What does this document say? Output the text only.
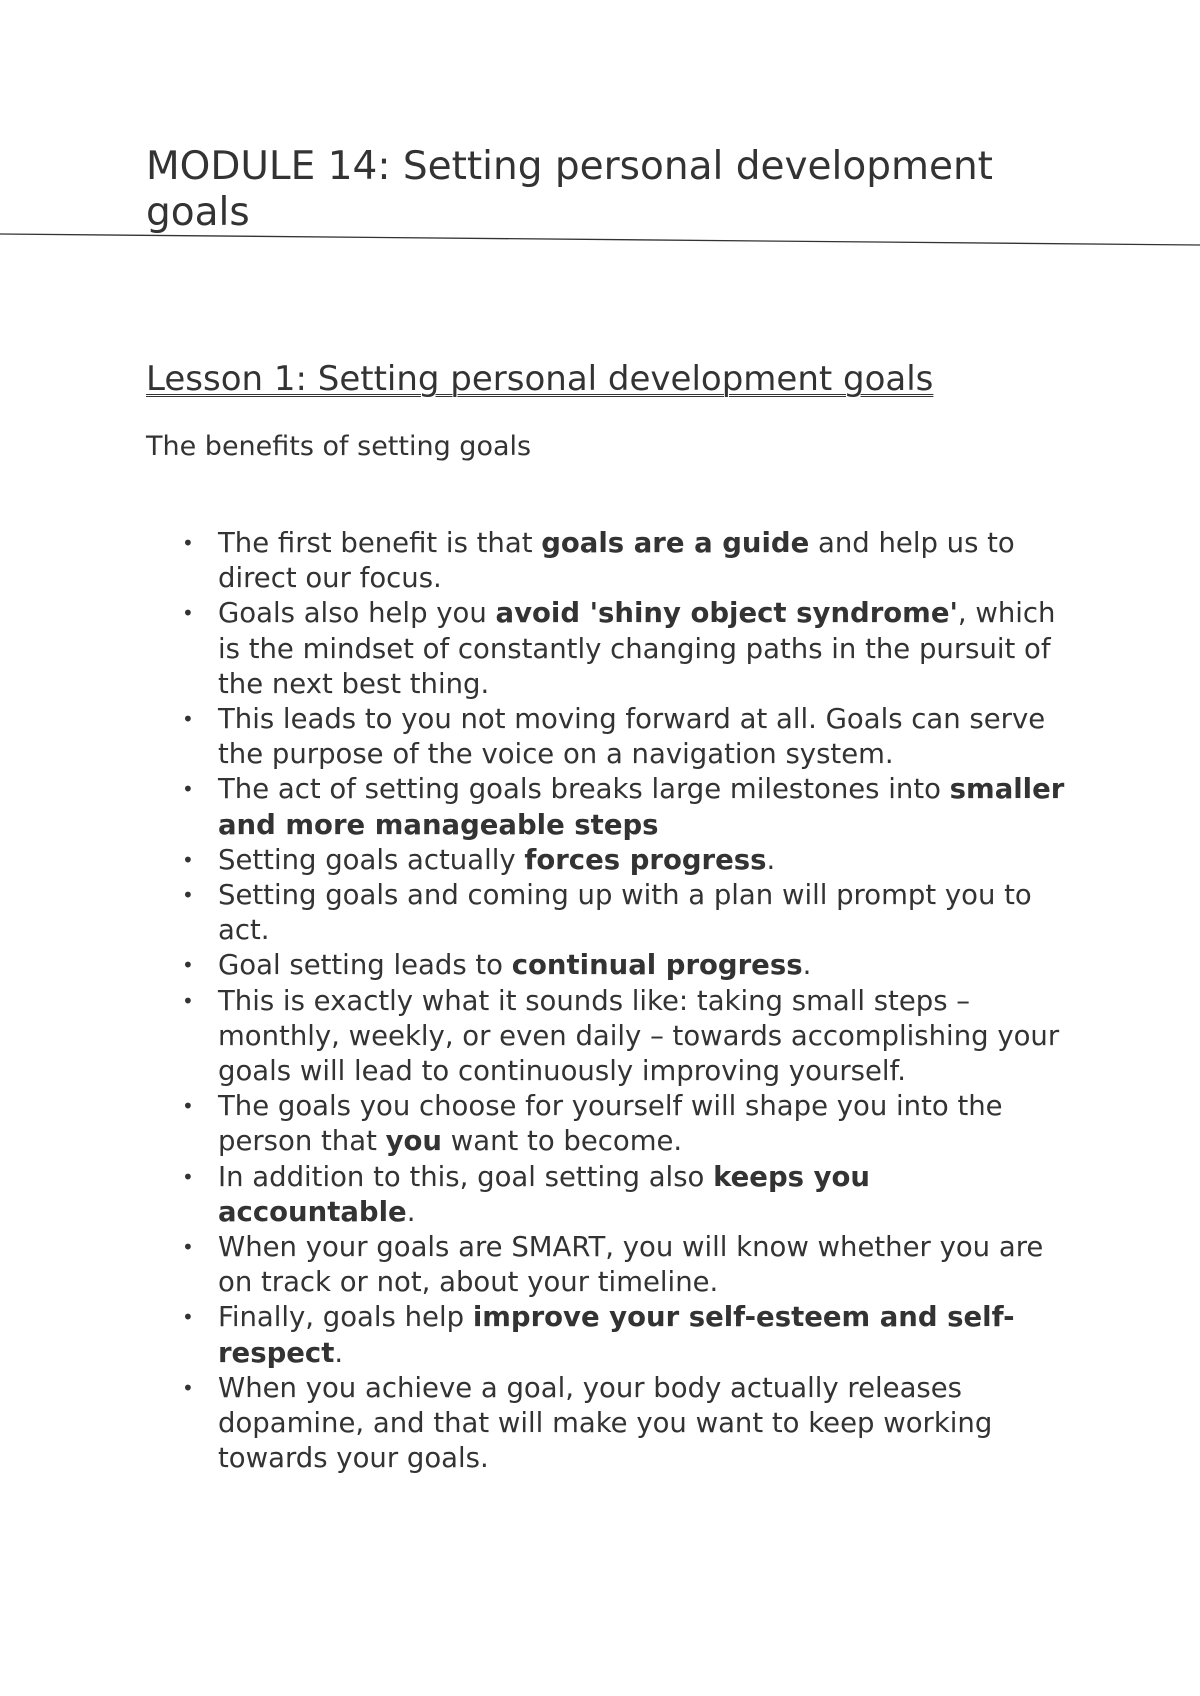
MODULE 14: Setting personal development goals
Lesson 1: Setting personal development goals

The benefits of setting goals

• The first benefit is that goals are a guide and help us to direct our focus.
• Goals also help you avoid 'shiny object syndrome', which is the mindset of constantly changing paths in the pursuit of the next best thing.
• This leads to you not moving forward at all. Goals can serve the purpose of the voice on a navigation system.
• The act of setting goals breaks large milestones into smaller and more manageable steps
• Setting goals actually forces progress.
• Setting goals and coming up with a plan will prompt you to act.
• Goal setting leads to continual progress.
• This is exactly what it sounds like: taking small steps – monthly, weekly, or even daily – towards accomplishing your goals will lead to continuously improving yourself.
• The goals you choose for yourself will shape you into the person that you want to become.
• In addition to this, goal setting also keeps you accountable.
• When your goals are SMART, you will know whether you are on track or not, about your timeline.
• Finally, goals help improve your self-esteem and self-respect.
• When you achieve a goal, your body actually releases dopamine, and that will make you want to keep working towards your goals.
